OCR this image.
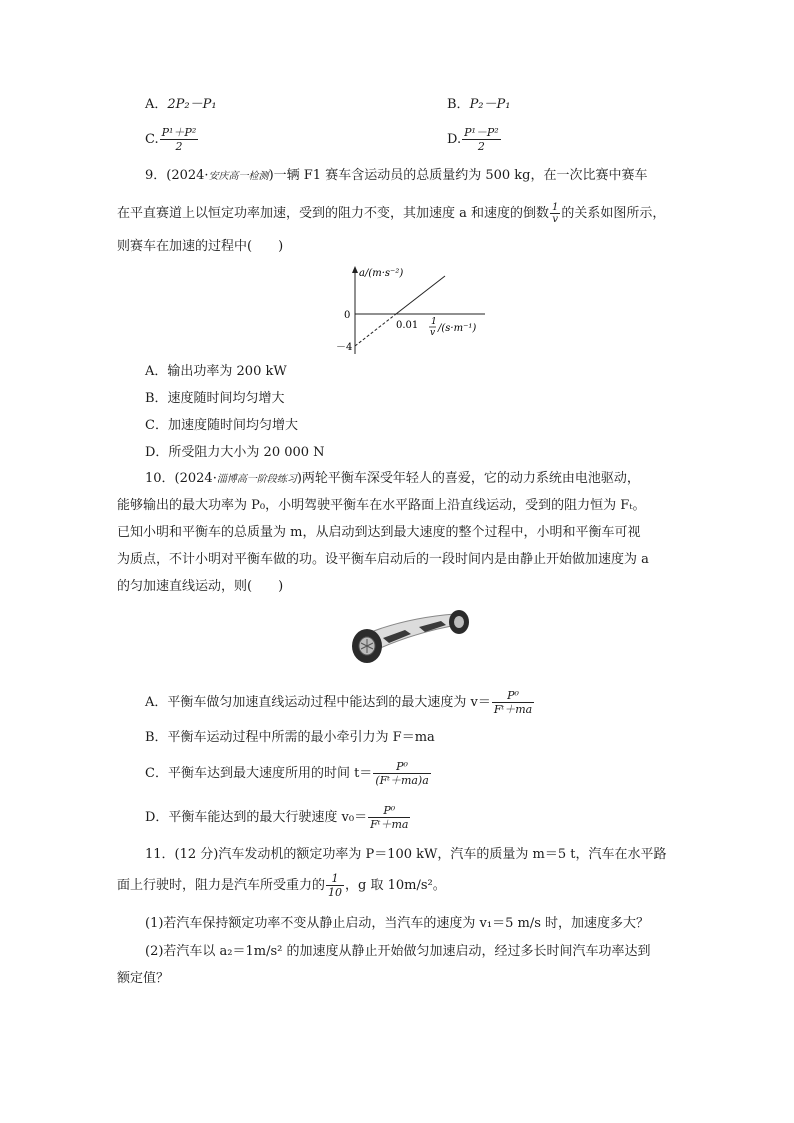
A．2P₂－P₁	B．P₂－P₁
C. $\frac{\text{P¹＋P²}}{2}$	D. $\frac{\text{P¹－P²}}{2}$
9．(2024·安庆高一检测)一辆 F1 赛车含运动员的总质量约为 500 kg，在一次比赛中赛车
在平直赛道上以恒定功率加速，受到的阻力不变，其加速度 a 和速度的倒数 $\frac{1}{v}$ 的关系如图所示，
则赛车在加速的过程中(　　)
a/(m·s⁻²)
0
0.01
－4
1
v /(s·m⁻¹)
A．输出功率为 200 kW
B．速度随时间均匀增大
C．加速度随时间均匀增大
D．所受阻力大小为 20 000 N
10．(2024·淄博高一阶段练习)两轮平衡车深受年轻人的喜爱，它的动力系统由电池驱动，
能够输出的最大功率为 P₀，小明驾驶平衡车在水平路面上沿直线运动，受到的阻力恒为 Fₜ。
已知小明和平衡车的总质量为 m，从启动到达到最大速度的整个过程中，小明和平衡车可视
为质点，不计小明对平衡车做的功。设平衡车启动后的一段时间内是由静止开始做加速度为 a
的匀加速直线运动，则(　　)
A．平衡车做匀加速直线运动过程中能达到的最大速度为 $v= \frac{\text{P⁰}}{\text{Fᵗ＋ma}}$
B．平衡车运动过程中所需的最小牵引力为 F＝ma
C．平衡车达到最大速度所用的时间 $t= \frac{\text{P⁰}}{\text{(Fᵗ＋ma)a}}$
D．平衡车能达到的最大行驶速度 $v_0= \frac{\text{P⁰}}{\text{Fᵗ＋ma}}$
11．(12 分)汽车发动机的额定功率为 P＝100 kW，汽车的质量为 m＝5 t，汽车在水平路
面上行驶时，阻力是汽车所受重力的 $\frac{1}{10}$ ，g 取 10m/s²。
(1)若汽车保持额定功率不变从静止启动，当汽车的速度为 v₁＝5 m/s 时，加速度多大？
(2)若汽车以 a₂＝1m/s² 的加速度从静止开始做匀加速启动，经过多长时间汽车功率达到
额定值？
